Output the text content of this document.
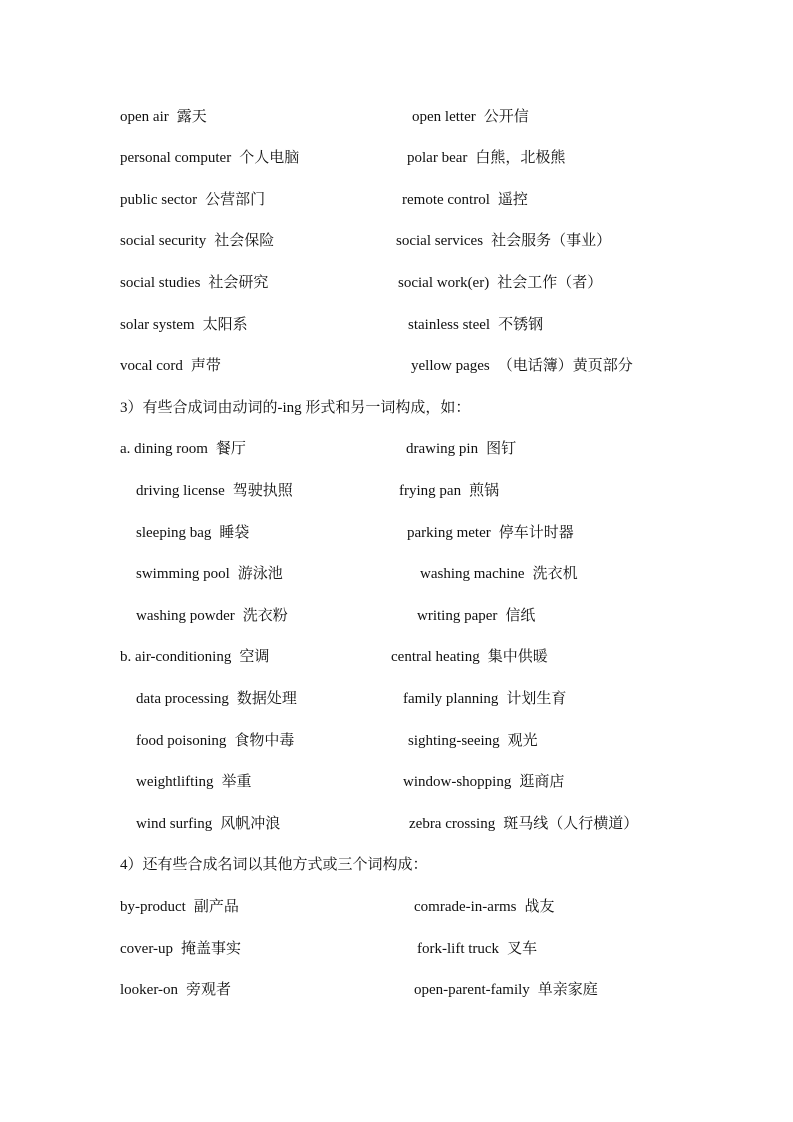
open air 露天	open letter 公开信
personal computer 个人电脑	polar bear 白熊，北极熊
public sector 公营部门	remote control 遥控
social security 社会保险	social services 社会服务（事业）
social studies 社会研究	social work(er) 社会工作（者）
solar system 太阳系	stainless steel 不锈钢
vocal cord 声带	yellow pages （电话簿）黄页部分
3）有些合成词由动词的-ing 形式和另一词构成，如：
a. dining room 餐厅	drawing pin 图钉
driving license 驾驶执照	frying pan 煎锅
sleeping bag 睡袋	parking meter 停车计时器
swimming pool 游泳池	washing machine 洗衣机
washing powder 洗衣粉	writing paper 信纸
b. air-conditioning 空调	central heating 集中供暖
data processing 数据处理	family planning 计划生育
food poisoning 食物中毒	sighting-seeing 观光
weightlifting 举重	window-shopping 逛商店
wind surfing 风帆冲浪	zebra crossing 斑马线（人行横道）
4）还有些合成名词以其他方式或三个词构成：
by-product 副产品	comrade-in-arms 战友
cover-up 掩盖事实	fork-lift truck 叉车
looker-on 旁观者	open-parent-family 单亲家庭
